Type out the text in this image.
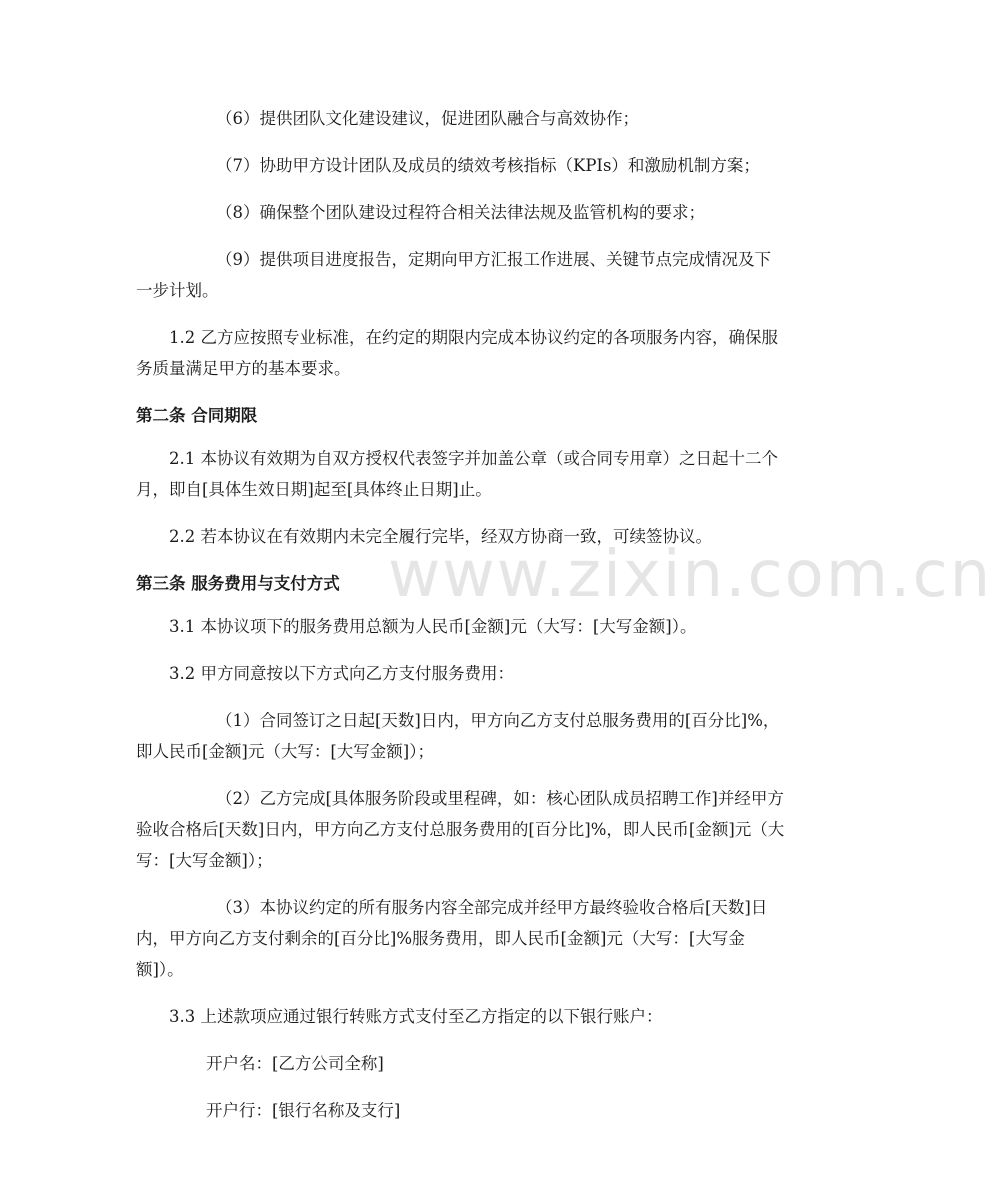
（6）提供团队文化建设建议，促进团队融合与高效协作；

（7）协助甲方设计团队及成员的绩效考核指标（KPIs）和激励机制方案；

（8）确保整个团队建设过程符合相关法律法规及监管机构的要求；

（9）提供项目进度报告，定期向甲方汇报工作进展、关键节点完成情况及下一步计划。

1.2 乙方应按照专业标准，在约定的期限内完成本协议约定的各项服务内容，确保服务质量满足甲方的基本要求。

第二条 合同期限

2.1 本协议有效期为自双方授权代表签字并加盖公章（或合同专用章）之日起十二个月，即自[具体生效日期]起至[具体终止日期]止。

2.2 若本协议在有效期内未完全履行完毕，经双方协商一致，可续签协议。

第三条 服务费用与支付方式

3.1 本协议项下的服务费用总额为人民币[金额]元（大写：[大写金额]）。

3.2 甲方同意按以下方式向乙方支付服务费用：

（1）合同签订之日起[天数]日内，甲方向乙方支付总服务费用的[百分比]%，即人民币[金额]元（大写：[大写金额]）；

（2）乙方完成[具体服务阶段或里程碑，如：核心团队成员招聘工作]并经甲方验收合格后[天数]日内，甲方向乙方支付总服务费用的[百分比]%，即人民币[金额]元（大写：[大写金额]）；

（3）本协议约定的所有服务内容全部完成并经甲方最终验收合格后[天数]日内，甲方向乙方支付剩余的[百分比]%服务费用，即人民币[金额]元（大写：[大写金额]）。

3.3 上述款项应通过银行转账方式支付至乙方指定的以下银行账户：

开户名：[乙方公司全称]

开户行：[银行名称及支行]

www.zixin.com.cn
